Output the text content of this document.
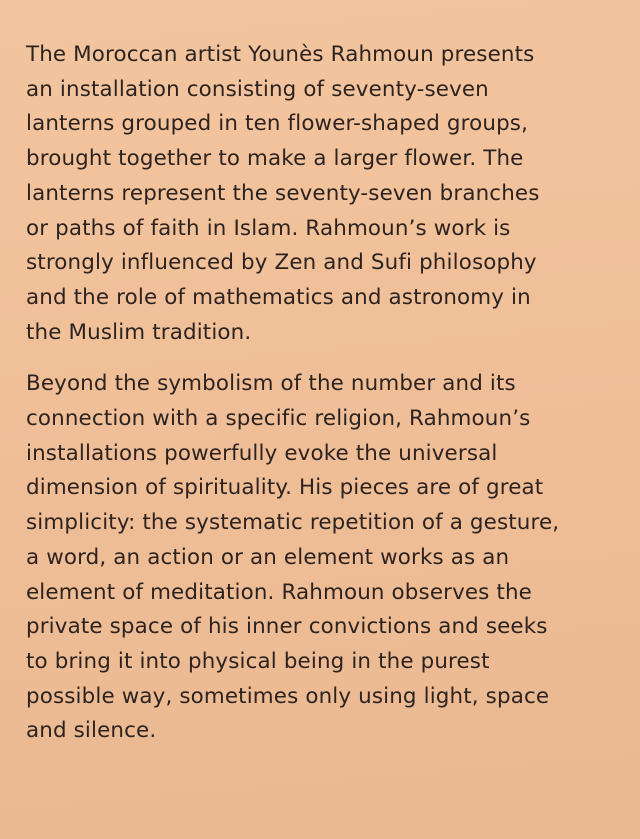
The Moroccan artist Younès Rahmoun presents
an installation consisting of seventy-seven
lanterns grouped in ten flower-shaped groups,
brought together to make a larger flower. The
lanterns represent the seventy-seven branches
or paths of faith in Islam. Rahmoun’s work is
strongly influenced by Zen and Sufi philosophy
and the role of mathematics and astronomy in
the Muslim tradition.

Beyond the symbolism of the number and its
connection with a specific religion, Rahmoun’s
installations powerfully evoke the universal
dimension of spirituality. His pieces are of great
simplicity: the systematic repetition of a gesture,
a word, an action or an element works as an
element of meditation. Rahmoun observes the
private space of his inner convictions and seeks
to bring it into physical being in the purest
possible way, sometimes only using light, space
and silence.
